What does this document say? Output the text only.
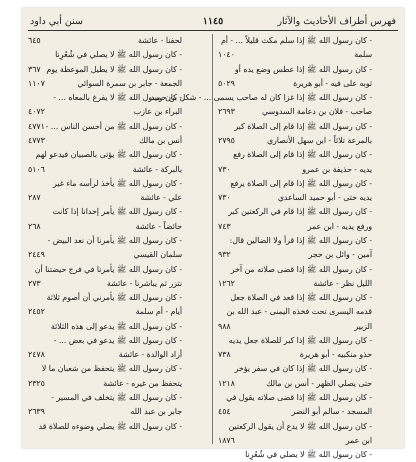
فهرس أطراف الأحاديث والآثار
١١٤٥
سنن أبي داود
- كان رسول الله ﷺ إذا سلم مكث قليلاً ... - أم
سلمة
١٠٤٠
- كان رسول الله ﷺ إذا عطس وضع يده أو
ثوبه على فيه - أبو هريرة
٥٠٢٩
- كان رسول الله ﷺ إذا غزا كان له صاحب يسمى ... - شكل بن حميد
صاحب - فلان بن دعامة السدوسي
٢٦٩٣
- كان رسول الله ﷺ إذا قام إلى الصلاة كبر
بالمرعة تلاثاً - ابن سهل الأنصاري
٢٧٩٥
- كان رسول الله ﷺ إذا قام إلى الصلاة رفع
يديه - حذيفة بن عمرو
٧٣٠
- كان رسول الله ﷺ إذا قام إلى الصلاة يرفع
يديه حتى - أبو حميد الساعدي
٧٣٠
- كان رسول الله ﷺ إذا قام في الركعتين كبر
ورفع يديه - ابن عمر
٧٤٣
- كان رسول الله ﷺ إذا قرأ ولا الضالين قال:
آمين - وائل بن حجر
٩٣٢
- كان رسول الله ﷺ إذا قضى صلاته من آخر
الليل نظر - عائشة
١٢٦٢
- كان رسول الله ﷺ إذا قعد في الصلاة جعل
قدمه اليسرى تحت فخذه اليمنى - عبد الله بن
الزبير
٩٨٨
- كان رسول الله ﷺ إذا كبر للصلاة جعل يديه
حذو منكبيه - أبو هريرة
٧٣٨
- كان رسول الله ﷺ إذا كان في سفر يؤخر
حتى يصلي الظهر - أنس بن مالك
١٢١٨
- كان رسول الله ﷺ إذا قضى صلاته يقول في
المسجد - سالم أبو النضر
٤٥٤
- كان رسول الله ﷺ لا يدع أن يقول الركعتين
ابن عمر
١٨٧٦
- كان رسول الله ﷺ لا يصلي في شُعُرِنا
لحفنا - عائشة
٦٤٥
- كان رسول الله ﷺ لا يصلي في شُعُرِنا
- كان رسول الله ﷺ لا يطيل الموعظة يوم
٣٦٧
الجمعة - جابر بن سمرة السوائي
١١٠٧
- كان رسول الله ﷺ لا يفرغ بالمعاه ... -
البراء بن عازب
٤٠٧٢
- كان رسول الله ﷺ من أحسن الناس ... -
٤٧٧١
أنس بن مالك
٤٧٧٣
- كان رسول الله ﷺ يؤتى بالصبيان فيدعو لهم
بالبركة - عائشة
٥١٠٦
- كان رسول الله ﷺ يأخذ لرأسه ماء غير
علي - عائشة
٢٨٧
- كان رسول الله ﷺ يأمر إحدانا إذا كانت
حائضاً - عائشة
٢٦٨
- كان رسول الله ﷺ يأمرنا أن نعد البيض -
سلمان القيسي
٢٤٤٩
- كان رسول الله ﷺ يأمرنا في فرج حيضتنا أن
نتزر ثم يباشرنا - عائشة
٢٧٣
- كان رسول الله ﷺ يأمرني أن أصوم ثلاثة
أيام - أم سلمة
٢٤٥٢
- كان رسول الله ﷺ يدعو إلى هذه الثلاثة
- كان رسول الله ﷺ يدعو في بعض ... -
أراد الوالدة - عائشة
٢٤٧٨
- كان رسول الله ﷺ يتحفظ من شعبان ما لا
يتحفظ من غيره - عائشة
٢٣٢٥
- كان رسول الله ﷺ يتخلف في المسير -
جابر بن عبد الله
٢٦٣٩
- كان رسول الله ﷺ يصلي وضوءه للصلاة قد
